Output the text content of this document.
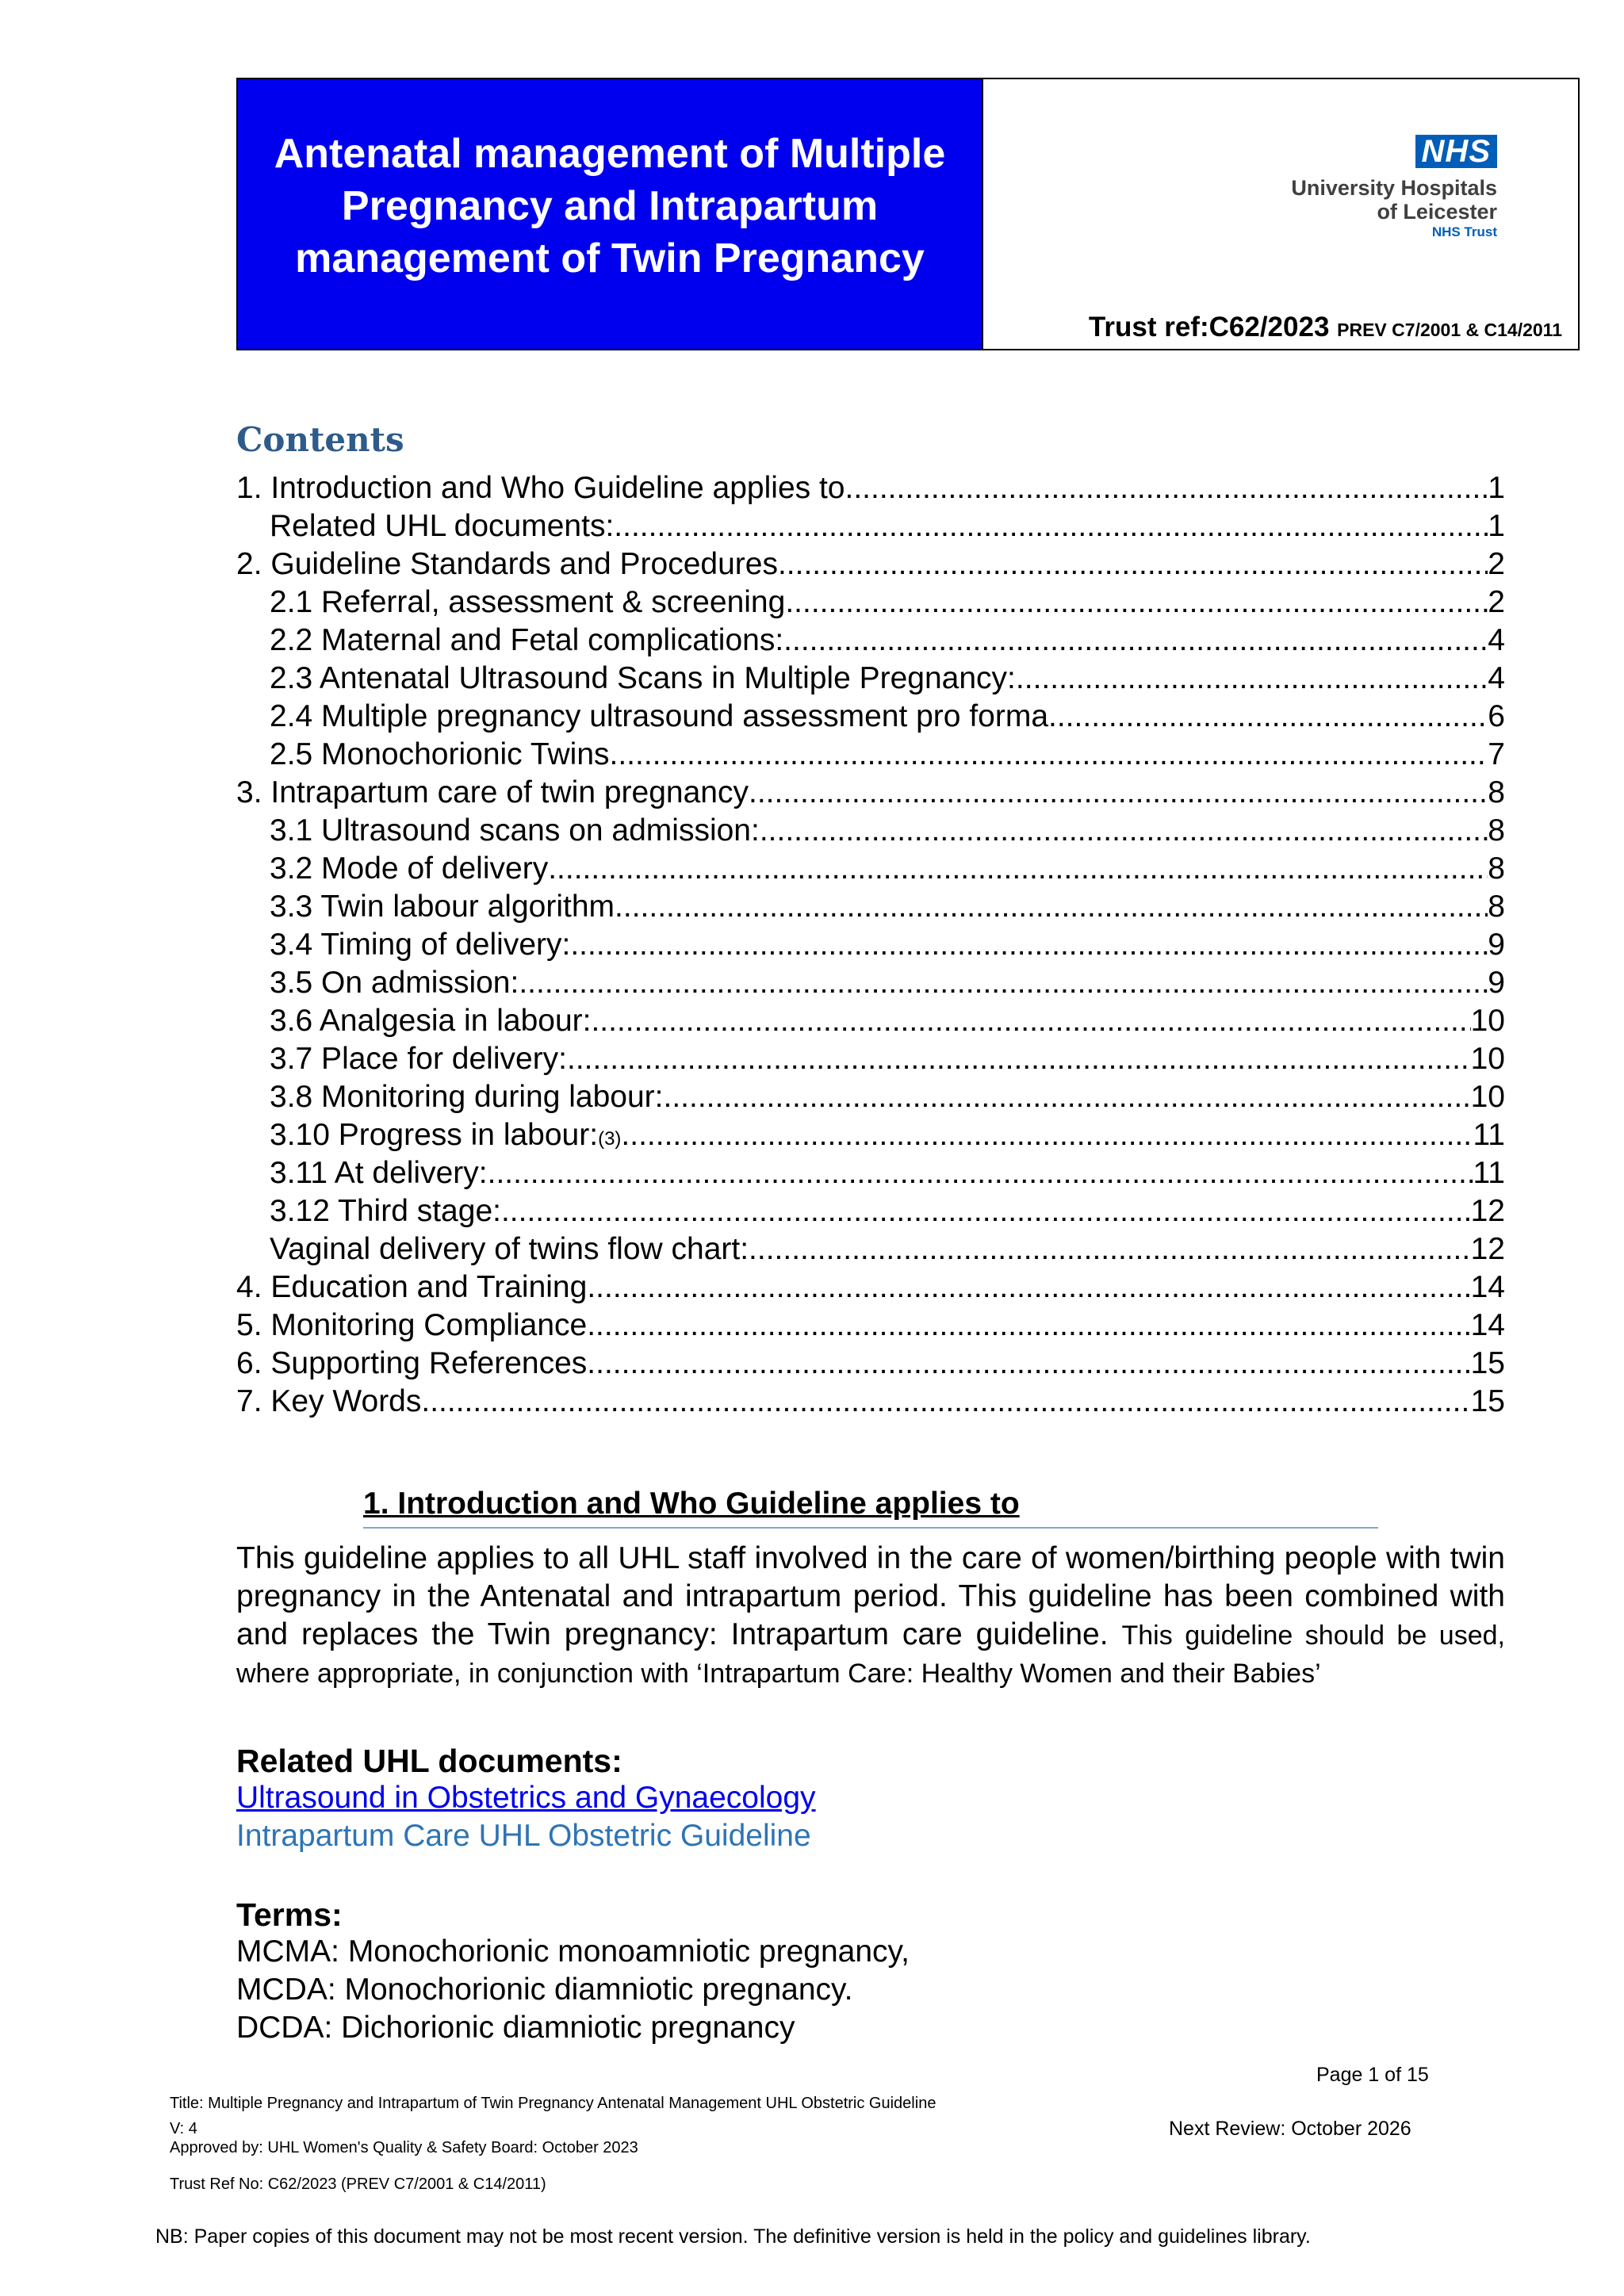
Antenatal management of Multiple
Pregnancy and Intrapartum
management of Twin Pregnancy
NHS
University Hospitals
of Leicester
NHS Trust
Trust ref:C62/2023 PREV C7/2001 & C14/2011
Contents
1. Introduction and Who Guideline applies to .....	1
Related UHL documents: .....	1
2. Guideline Standards and Procedures .....	2
2.1 Referral, assessment & screening .....	2
2.2 Maternal and Fetal complications: .....	4
2.3 Antenatal Ultrasound Scans in Multiple Pregnancy: .....	4
2.4 Multiple pregnancy ultrasound assessment pro forma .....	6
2.5 Monochorionic Twins .....	7
3. Intrapartum care of twin pregnancy .....	8
3.1 Ultrasound scans on admission: .....	8
3.2 Mode of delivery .....	8
3.3 Twin labour algorithm .....	8
3.4 Timing of delivery: .....	9
3.5 On admission: .....	9
3.6 Analgesia in labour: .....	10
3.7 Place for delivery: .....	10
3.8 Monitoring during labour: .....	10
3.10 Progress in labour: (3) .....	11
3.11 At delivery: .....	11
3.12 Third stage: .....	12
Vaginal delivery of twins flow chart: .....	12
4. Education and Training .....	14
5. Monitoring Compliance .....	14
6. Supporting References .....	15
7. Key Words .....	15
1. Introduction and Who Guideline applies to
This guideline applies to all UHL staff involved in the care of women/birthing people with twin pregnancy in the Antenatal and intrapartum period. This guideline has been combined with and replaces the Twin pregnancy: Intrapartum care guideline. This guideline should be used, where appropriate, in conjunction with ‘Intrapartum Care: Healthy Women and their Babies’
Related UHL documents:
Ultrasound in Obstetrics and Gynaecology
Intrapartum Care UHL Obstetric Guideline
Terms:
MCMA: Monochorionic monoamniotic pregnancy,
MCDA: Monochorionic diamniotic pregnancy.
DCDA: Dichorionic diamniotic pregnancy
Page 1 of 15
Title: Multiple Pregnancy and Intrapartum of Twin Pregnancy Antenatal Management UHL Obstetric Guideline
V: 4	Next Review: October 2026
Approved by: UHL Women's Quality & Safety Board: October 2023
Trust Ref No: C62/2023 (PREV C7/2001 & C14/2011)
NB: Paper copies of this document may not be most recent version. The definitive version is held in the policy and guidelines library.
